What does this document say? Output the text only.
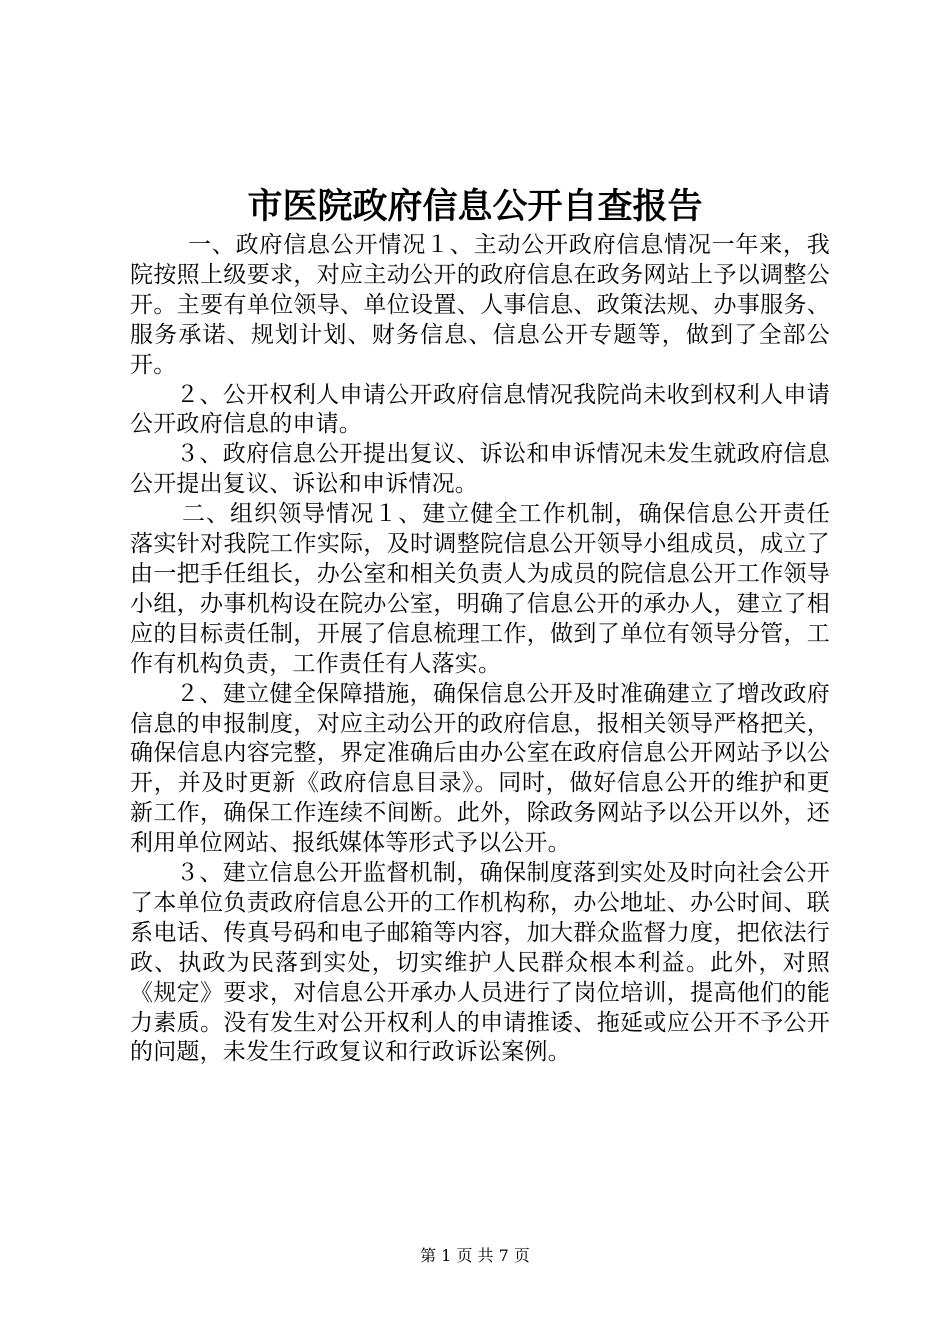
市医院政府信息公开自查报告

一、政府信息公开情况１、主动公开政府信息情况一年来，我院按照上级要求，对应主动公开的政府信息在政务网站上予以调整公开。主要有单位领导、单位设置、人事信息、政策法规、办事服务、服务承诺、规划计划、财务信息、信息公开专题等，做到了全部公开。

２、公开权利人申请公开政府信息情况我院尚未收到权利人申请公开政府信息的申请。

３、政府信息公开提出复议、诉讼和申诉情况未发生就政府信息公开提出复议、诉讼和申诉情况。

二、组织领导情况１、建立健全工作机制，确保信息公开责任落实针对我院工作实际，及时调整院信息公开领导小组成员，成立了由一把手任组长，办公室和相关负责人为成员的院信息公开工作领导小组，办事机构设在院办公室，明确了信息公开的承办人，建立了相应的目标责任制，开展了信息梳理工作，做到了单位有领导分管，工作有机构负责，工作责任有人落实。

２、建立健全保障措施，确保信息公开及时准确建立了增改政府信息的申报制度，对应主动公开的政府信息，报相关领导严格把关，确保信息内容完整，界定准确后由办公室在政府信息公开网站予以公开，并及时更新《政府信息目录》。同时，做好信息公开的维护和更新工作，确保工作连续不间断。此外，除政务网站予以公开以外，还利用单位网站、报纸媒体等形式予以公开。

３、建立信息公开监督机制，确保制度落到实处及时向社会公开了本单位负责政府信息公开的工作机构称，办公地址、办公时间、联系电话、传真号码和电子邮箱等内容，加大群众监督力度，把依法行政、执政为民落到实处，切实维护人民群众根本利益。此外，对照《规定》要求，对信息公开承办人员进行了岗位培训，提高他们的能力素质。没有发生对公开权利人的申请推诿、拖延或应公开不予公开的问题，未发生行政复议和行政诉讼案例。

第 1 页 共 7 页
